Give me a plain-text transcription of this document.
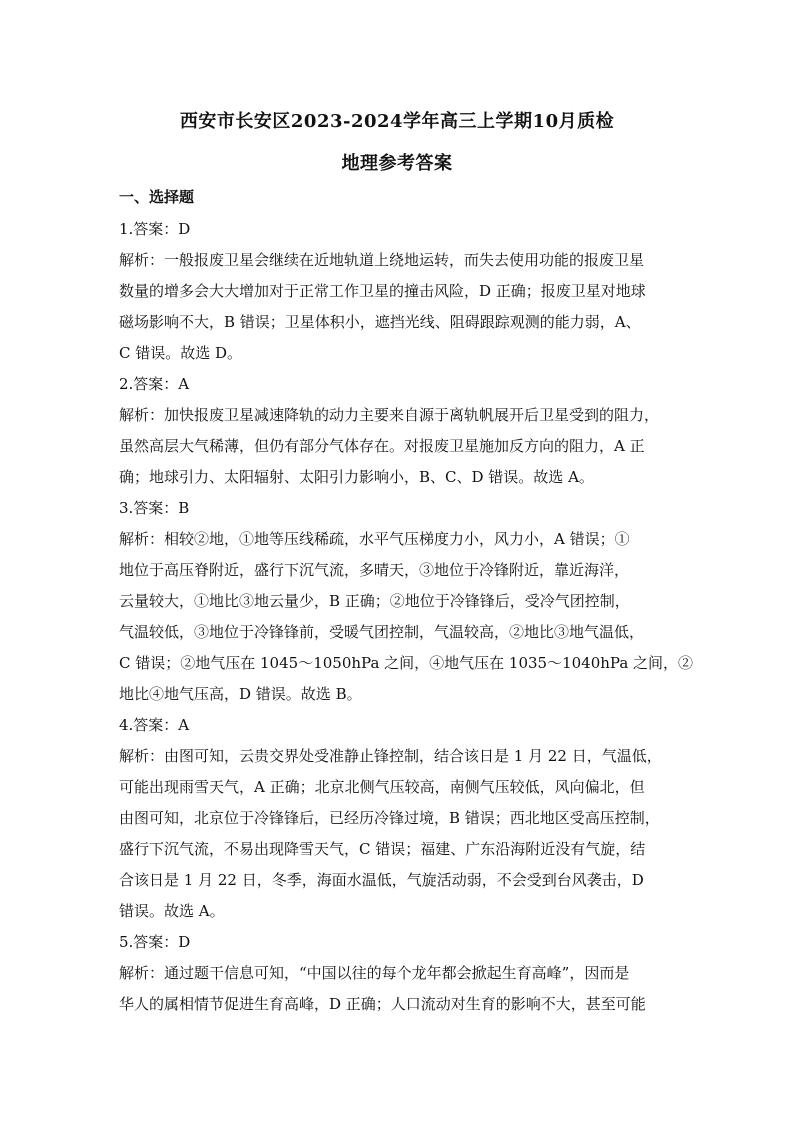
西安市长安区2023-2024学年高三上学期10月质检
地理参考答案
一、选择题
1.答案：D
解析：一般报废卫星会继续在近地轨道上绕地运转，而失去使用功能的报废卫星
数量的增多会大大增加对于正常工作卫星的撞击风险，D 正确；报废卫星对地球
磁场影响不大，B 错误；卫星体积小，遮挡光线、阻碍跟踪观测的能力弱，A、
C 错误。故选 D。
2.答案：A
解析：加快报废卫星减速降轨的动力主要来自源于离轨帆展开后卫星受到的阻力，
虽然高层大气稀薄，但仍有部分气体存在。对报废卫星施加反方向的阻力，A 正
确；地球引力、太阳辐射、太阳引力影响小，B、C、D 错误。故选 A。
3.答案：B
解析：相较②地，①地等压线稀疏，水平气压梯度力小，风力小，A 错误；①
地位于高压脊附近，盛行下沉气流，多晴天，③地位于冷锋附近，靠近海洋，
云量较大，①地比③地云量少，B 正确；②地位于冷锋锋后，受冷气团控制，
气温较低，③地位于冷锋锋前，受暖气团控制，气温较高，②地比③地气温低，
C 错误；②地气压在 1045～1050hPa 之间，④地气压在 1035～1040hPa 之间，②
地比④地气压高，D 错误。故选 B。
4.答案：A
解析：由图可知，云贵交界处受准静止锋控制，结合该日是 1 月 22 日，气温低，
可能出现雨雪天气，A 正确；北京北侧气压较高，南侧气压较低，风向偏北，但
由图可知，北京位于冷锋锋后，已经历冷锋过境，B 错误；西北地区受高压控制，
盛行下沉气流，不易出现降雪天气，C 错误；福建、广东沿海附近没有气旋，结
合该日是 1 月 22 日，冬季，海面水温低，气旋活动弱，不会受到台风袭击，D
错误。故选 A。
5.答案：D
解析：通过题干信息可知，“中国以往的每个龙年都会掀起生育高峰”，因而是
华人的属相情节促进生育高峰，D 正确；人口流动对生育的影响不大，甚至可能
